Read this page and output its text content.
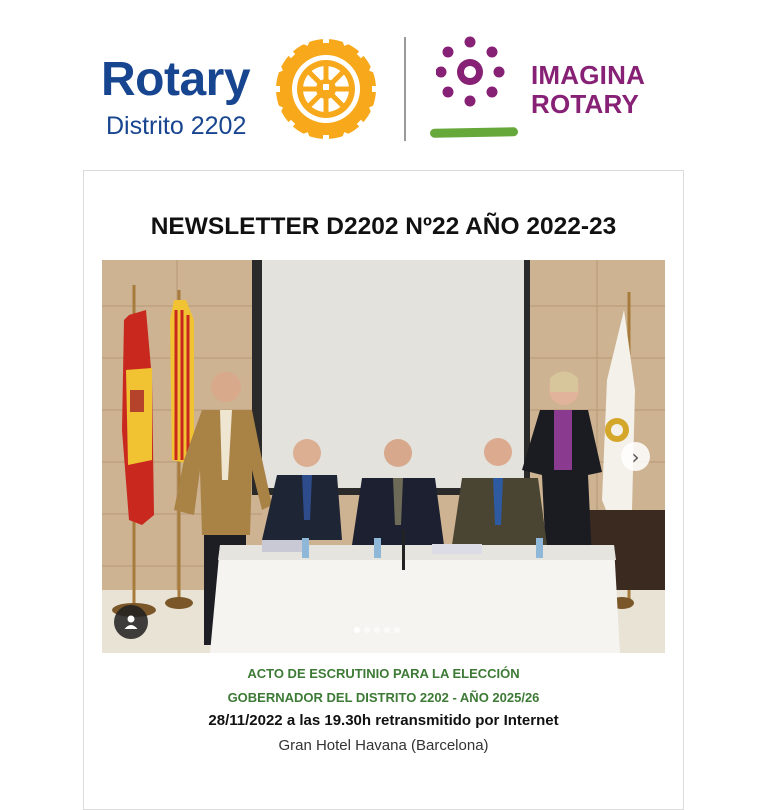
Rotary
Distrito 2202
IMAGINA
ROTARY
NEWSLETTER D2202 Nº22 AÑO 2022-23
›
ACTO DE ESCRUTINIO PARA LA ELECCIÓN
GOBERNADOR DEL DISTRITO 2202 - AÑO 2025/26
28/11/2022 a las 19.30h retransmitido por Internet
Gran Hotel Havana (Barcelona)
